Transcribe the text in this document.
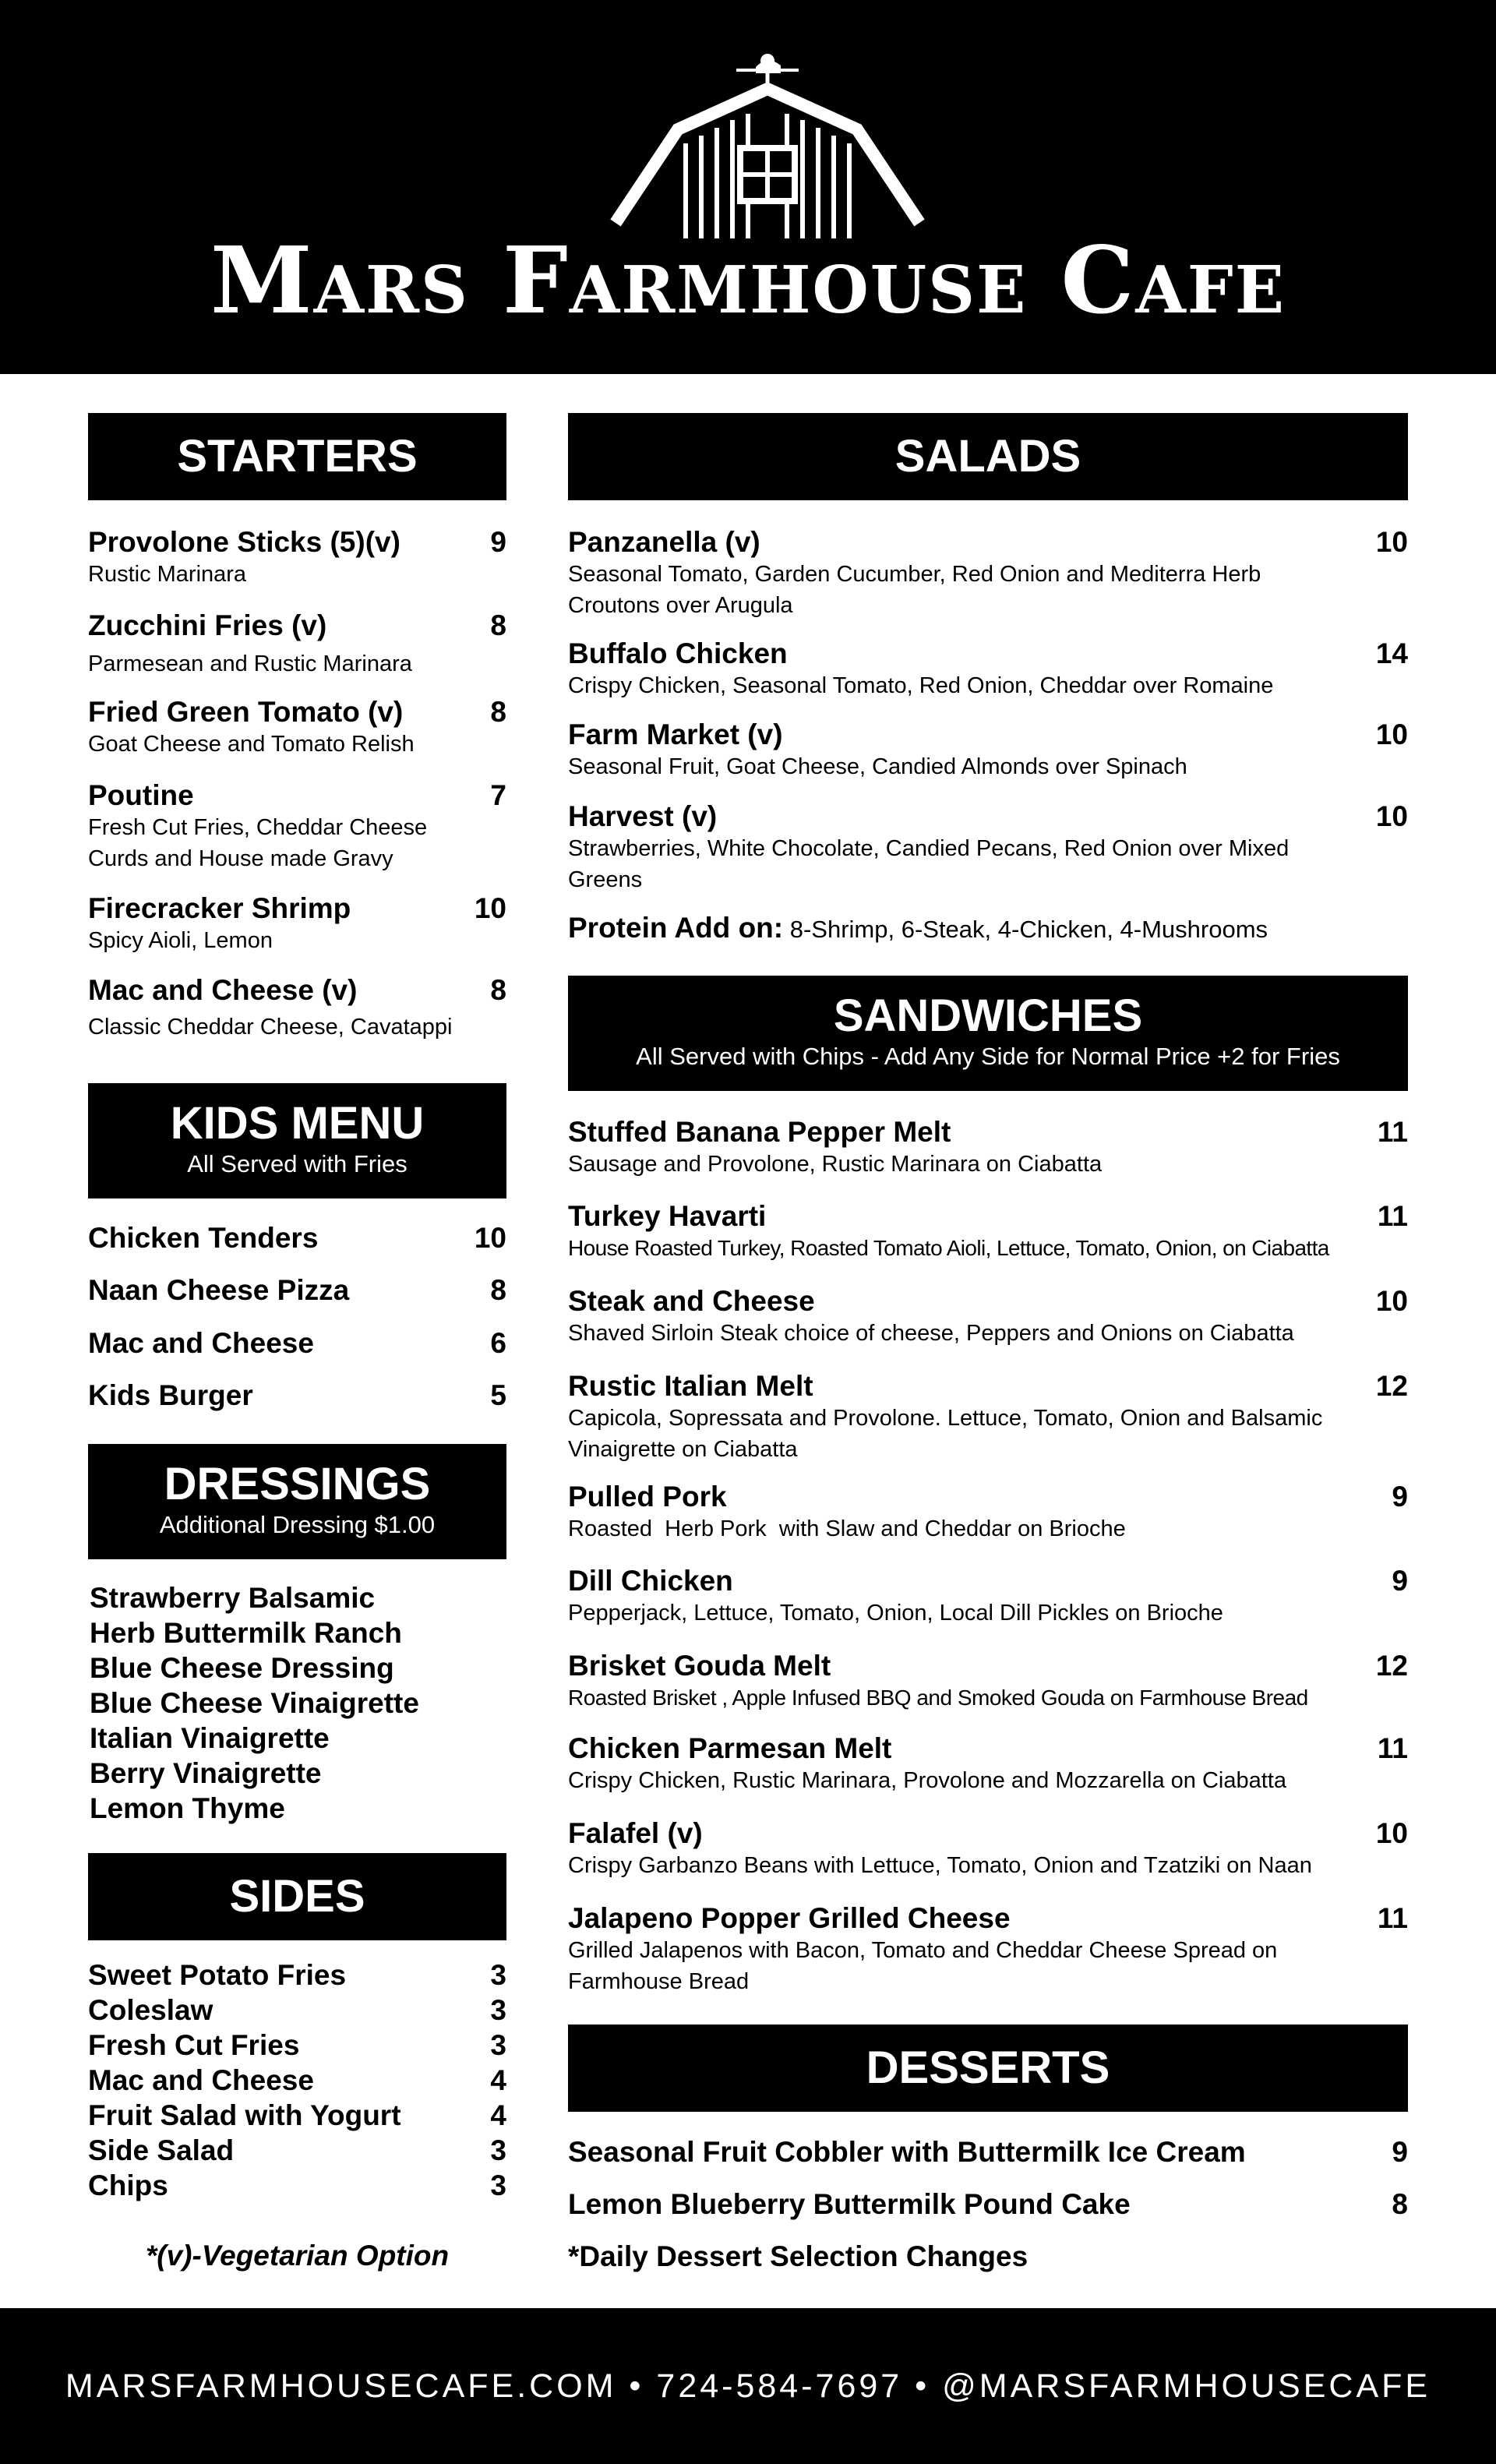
Mars Farmhouse Cafe
STARTERS
Provolone Sticks (5)(v)
Rustic Marinara
9
Zucchini Fries (v)
Parmesean and Rustic Marinara
8
Fried Green Tomato (v)
Goat Cheese and Tomato Relish
8
Poutine
Fresh Cut Fries, Cheddar Cheese Curds and House made Gravy
7
Firecracker Shrimp
Spicy Aioli, Lemon
10
Mac and Cheese (v)
Classic Cheddar Cheese, Cavatappi
8
KIDS MENU
All Served with Fries
Chicken Tenders	10
Naan Cheese Pizza	8
Mac and Cheese	6
Kids Burger	5
DRESSINGS
Additional Dressing $1.00
Strawberry Balsamic
Herb Buttermilk Ranch
Blue Cheese Dressing
Blue Cheese Vinaigrette
Italian Vinaigrette
Berry Vinaigrette
Lemon Thyme
SIDES
Sweet Potato Fries	3
Coleslaw	3
Fresh Cut Fries	3
Mac and Cheese	4
Fruit Salad with Yogurt	4
Side Salad	3
Chips	3
*(v)-Vegetarian Option
SALADS
Panzanella (v)
Seasonal Tomato, Garden Cucumber, Red Onion and Mediterra Herb Croutons over Arugula
10
Buffalo Chicken
Crispy Chicken, Seasonal Tomato, Red Onion, Cheddar over Romaine
14
Farm Market (v)
Seasonal Fruit, Goat Cheese, Candied Almonds over Spinach
10
Harvest (v)
Strawberries, White Chocolate, Candied Pecans, Red Onion over Mixed Greens
10
Protein Add on: 8-Shrimp, 6-Steak, 4-Chicken, 4-Mushrooms
SANDWICHES
All Served with Chips - Add Any Side for Normal Price +2 for Fries
Stuffed Banana Pepper Melt
Sausage and Provolone, Rustic Marinara on Ciabatta
11
Turkey Havarti
House Roasted Turkey, Roasted Tomato Aioli, Lettuce, Tomato, Onion, on Ciabatta
11
Steak and Cheese
Shaved Sirloin Steak choice of cheese, Peppers and Onions on Ciabatta
10
Rustic Italian Melt
Capicola, Sopressata and Provolone. Lettuce, Tomato, Onion and Balsamic Vinaigrette on Ciabatta
12
Pulled Pork
Roasted  Herb Pork  with Slaw and Cheddar on Brioche
9
Dill Chicken
Pepperjack, Lettuce, Tomato, Onion, Local Dill Pickles on Brioche
9
Brisket Gouda Melt
Roasted Brisket , Apple Infused BBQ and Smoked Gouda on Farmhouse Bread
12
Chicken Parmesan Melt
Crispy Chicken, Rustic Marinara, Provolone and Mozzarella on Ciabatta
11
Falafel (v)
Crispy Garbanzo Beans with Lettuce, Tomato, Onion and Tzatziki on Naan
10
Jalapeno Popper Grilled Cheese
Grilled Jalapenos with Bacon, Tomato and Cheddar Cheese Spread on Farmhouse Bread
11
DESSERTS
Seasonal Fruit Cobbler with Buttermilk Ice Cream	9
Lemon Blueberry Buttermilk Pound Cake	8
*Daily Dessert Selection Changes
MARSFARMHOUSECAFE.COM • 724-584-7697 • @MARSFARMHOUSECAFE
